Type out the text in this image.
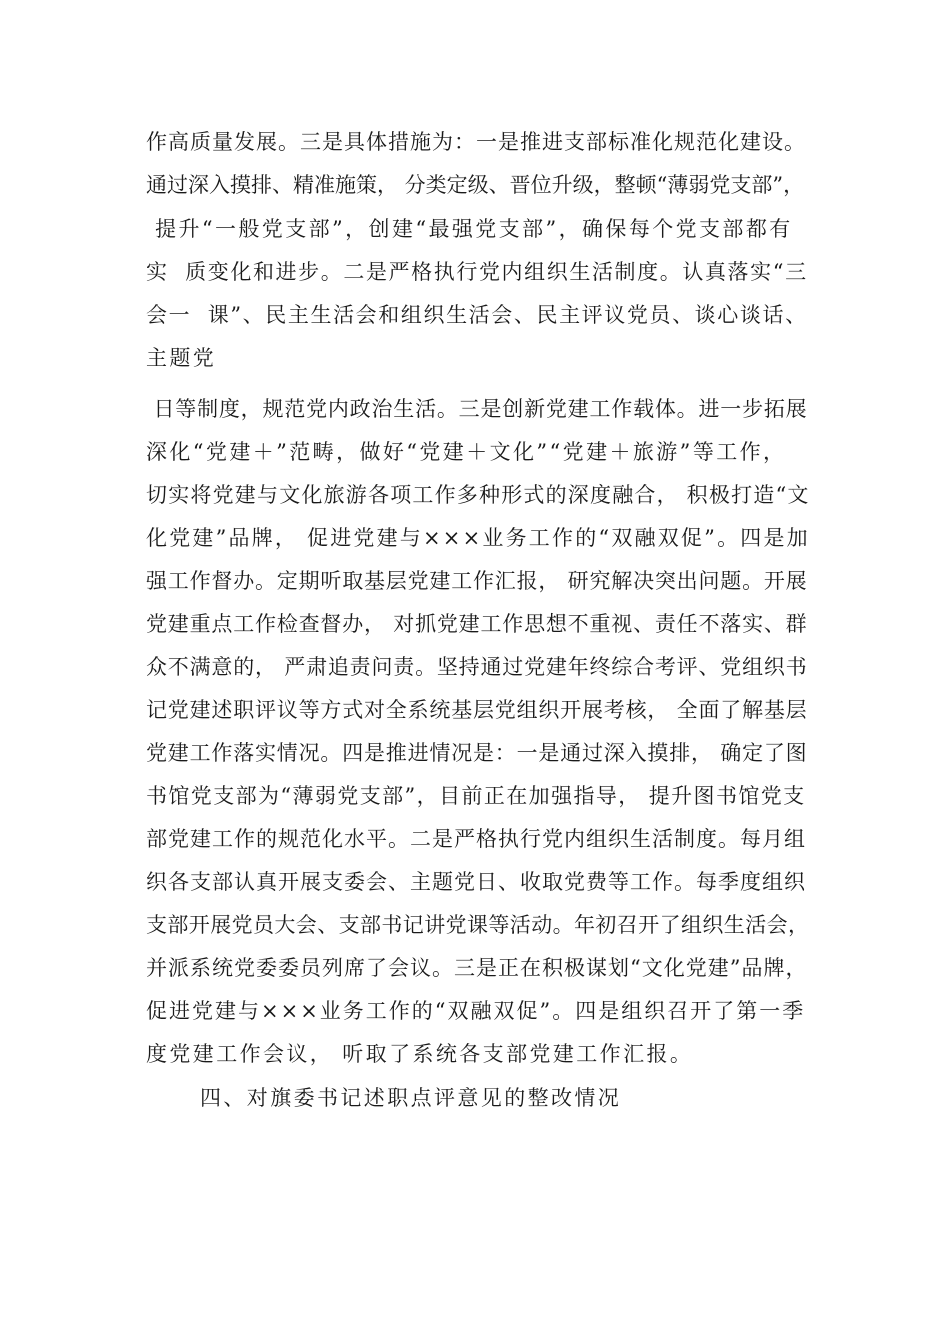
作高质量发展。三是具体措施为：一是推进支部标准化规范化建设。
通过深入摸排、精准施策， 分类定级、晋位升级，整顿“薄弱党支部”，
提升“一般党支部”，创建“最强党支部”，确保每个党支部都有
实  质变化和进步。二是严格执行党内组织生活制度。认真落实“三
会一  课”、民主生活会和组织生活会、民主评议党员、谈心谈话、
主题党
日等制度，规范党内政治生活。三是创新党建工作载体。进一步拓展
深化“党建＋”范畴，做好“党建＋文化”“党建＋旅游”等工作，
切实将党建与文化旅游各项工作多种形式的深度融合， 积极打造“文
化党建”品牌， 促进党建与×××业务工作的“双融双促”。四是加
强工作督办。定期听取基层党建工作汇报， 研究解决突出问题。开展
党建重点工作检查督办， 对抓党建工作思想不重视、责任不落实、群
众不满意的， 严肃追责问责。坚持通过党建年终综合考评、党组织书
记党建述职评议等方式对全系统基层党组织开展考核， 全面了解基层
党建工作落实情况。四是推进情况是：一是通过深入摸排， 确定了图
书馆党支部为“薄弱党支部”，目前正在加强指导， 提升图书馆党支
部党建工作的规范化水平。二是严格执行党内组织生活制度。每月组
织各支部认真开展支委会、主题党日、收取党费等工作。每季度组织
支部开展党员大会、支部书记讲党课等活动。年初召开了组织生活会，
并派系统党委委员列席了会议。三是正在积极谋划“文化党建”品牌，
促进党建与×××业务工作的“双融双促”。四是组织召开了第一季
度党建工作会议， 听取了系统各支部党建工作汇报。
四、对旗委书记述职点评意见的整改情况
